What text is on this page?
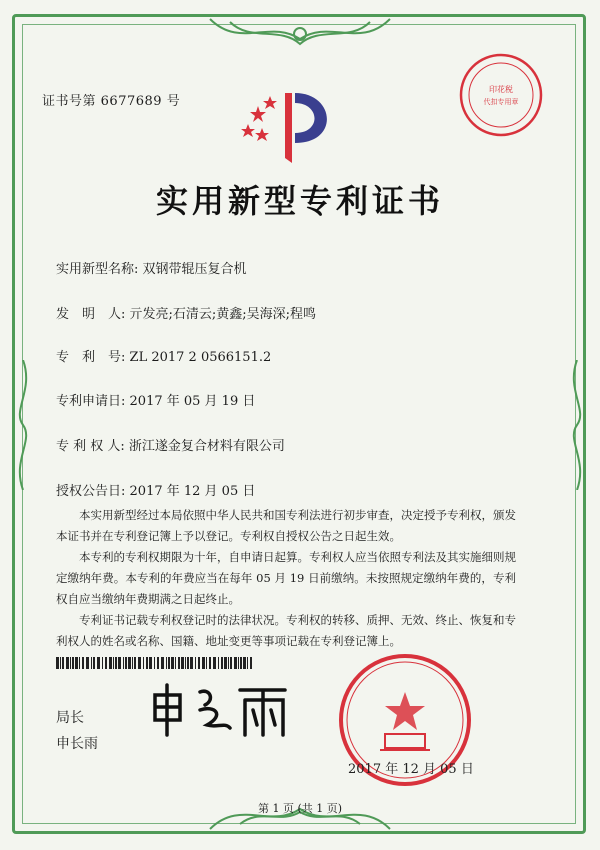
证书号第 6677689 号
印花税
代扣专用章
实用新型专利证书
实用新型名称: 双钢带辊压复合机
发　明　人: 亓发亮;石清云;黄鑫;吴海深;程鸣
专　利　号: ZL 2017 2 0566151.2
专利申请日: 2017 年 05 月 19 日
专 利 权 人: 浙江遂金复合材料有限公司
授权公告日: 2017 年 12 月 05 日
本实用新型经过本局依照中华人民共和国专利法进行初步审查，决定授予专利权，颁发本证书并在专利登记簿上予以登记。专利权自授权公告之日起生效。
本专利的专利权期限为十年，自申请日起算。专利权人应当依照专利法及其实施细则规定缴纳年费。本专利的年费应当在每年 05 月 19 日前缴纳。未按照规定缴纳年费的，专利权自应当缴纳年费期满之日起终止。
专利证书记载专利权登记时的法律状况。专利权的转移、质押、无效、终止、恢复和专利权人的姓名或名称、国籍、地址变更等事项记载在专利登记簿上。
局长
申长雨
2017 年 12 月 05 日
第 1 页 (共 1 页)
